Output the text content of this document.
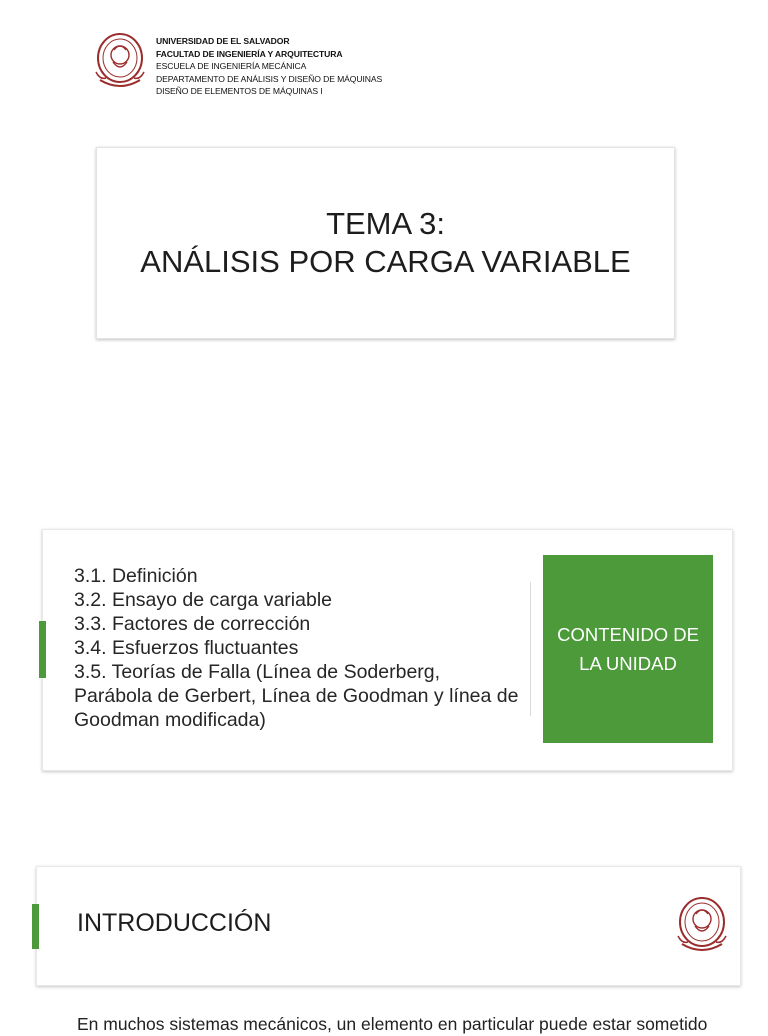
UNIVERSIDAD DE EL SALVADOR
FACULTAD DE INGENIERÍA Y ARQUITECTURA
ESCUELA DE INGENIERÍA MECÁNICA
DEPARTAMENTO DE ANÁLISIS Y DISEÑO DE MÁQUINAS
DISEÑO DE ELEMENTOS DE MÁQUINAS I
TEMA 3:
ANÁLISIS POR CARGA VARIABLE
3.1. Definición
3.2. Ensayo de carga variable
3.3. Factores de corrección
3.4. Esfuerzos fluctuantes
3.5. Teorías de Falla (Línea de Soderberg, Parábola de Gerbert, Línea de Goodman y línea de Goodman modificada)
CONTENIDO DE LA UNIDAD
INTRODUCCIÓN
En muchos sistemas mecánicos, un elemento en particular puede estar sometido
